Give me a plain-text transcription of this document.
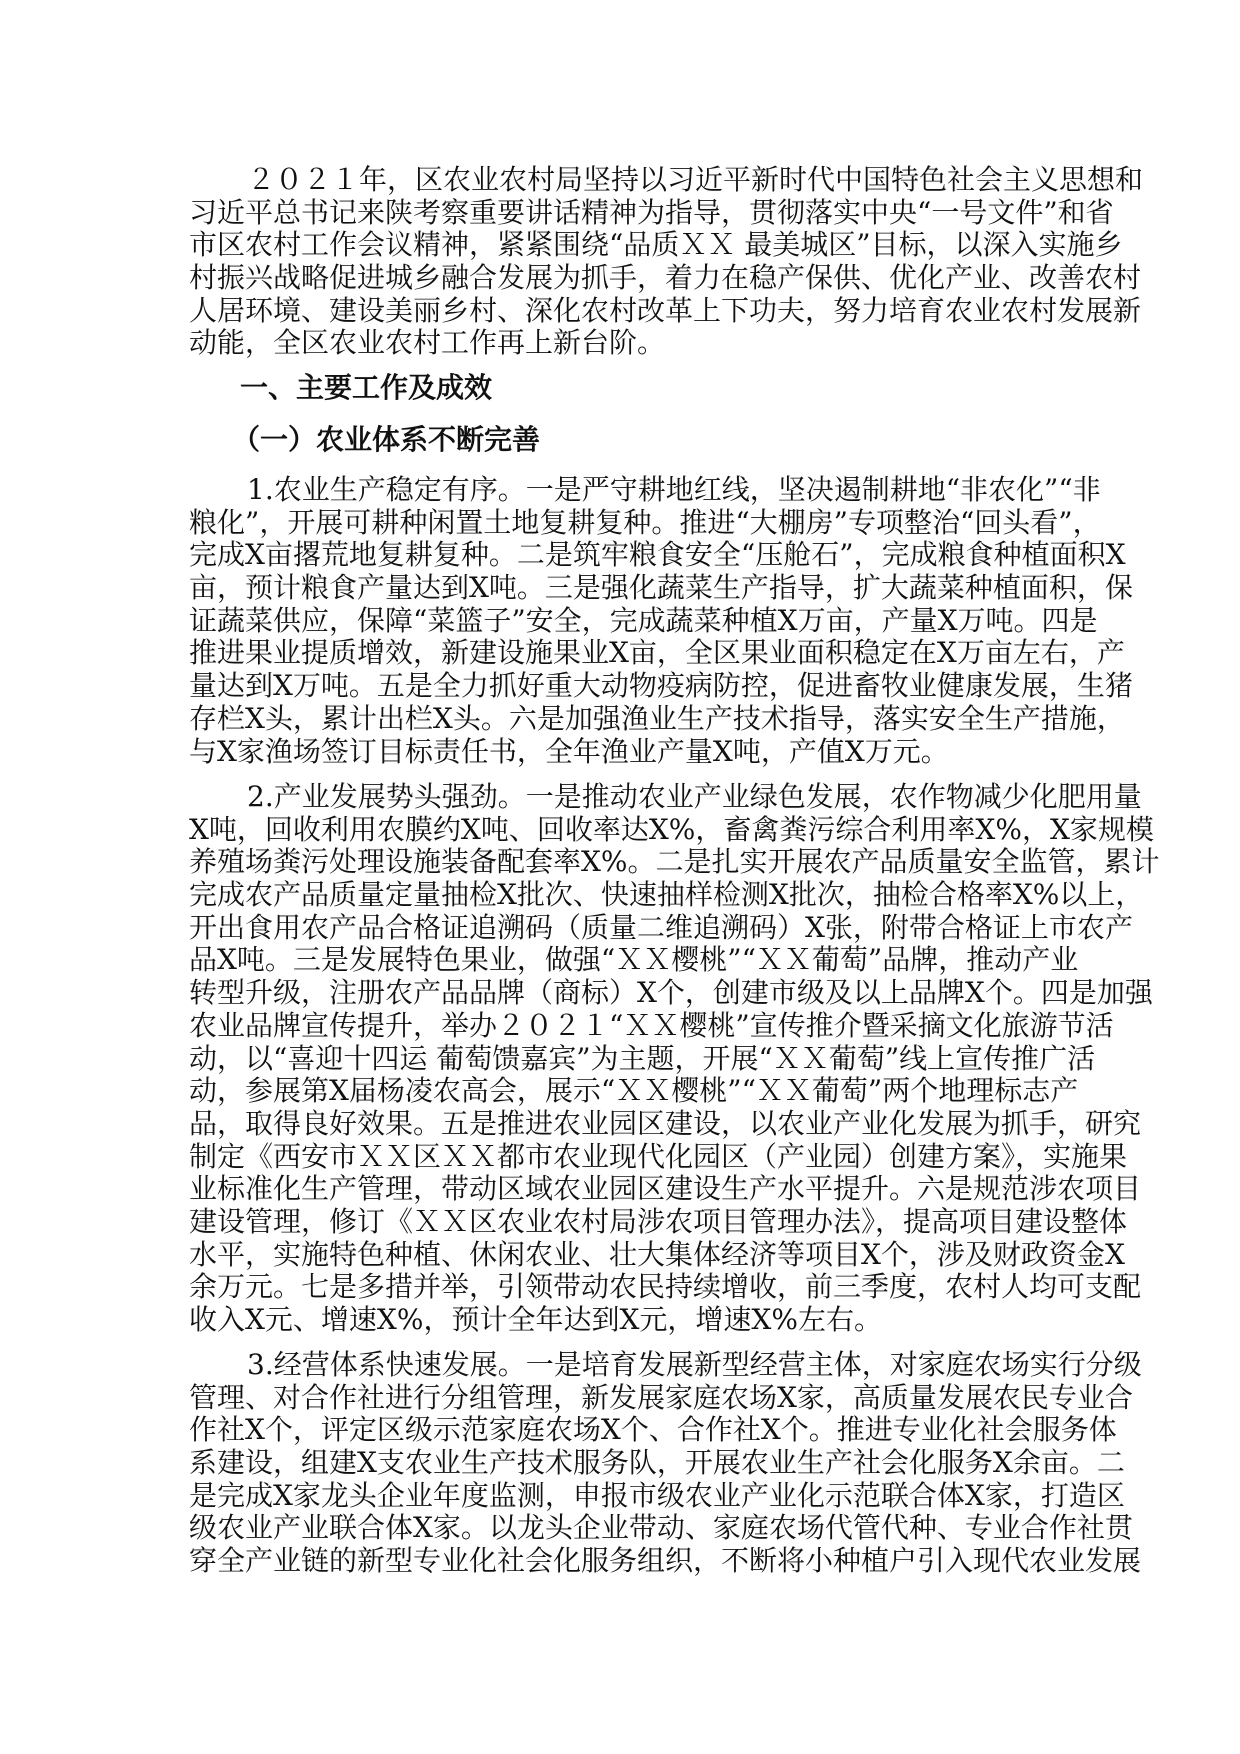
２０２１年，区农业农村局坚持以习近平新时代中国特色社会主义思想和
习近平总书记来陕考察重要讲话精神为指导，贯彻落实中央“一号文件”和省
市区农村工作会议精神，紧紧围绕“品质ＸＸ 最美城区”目标，以深入实施乡
村振兴战略促进城乡融合发展为抓手，着力在稳产保供、优化产业、改善农村
人居环境、建设美丽乡村、深化农村改革上下功夫，努力培育农业农村发展新
动能，全区农业农村工作再上新台阶。
一、主要工作及成效
（一）农业体系不断完善
1.农业生产稳定有序。一是严守耕地红线，坚决遏制耕地“非农化”“非
粮化”，开展可耕种闲置土地复耕复种。推进“大棚房”专项整治“回头看”，
完成X亩撂荒地复耕复种。二是筑牢粮食安全“压舱石”，完成粮食种植面积X
亩，预计粮食产量达到X吨。三是强化蔬菜生产指导，扩大蔬菜种植面积，保
证蔬菜供应，保障“菜篮子”安全，完成蔬菜种植X万亩，产量X万吨。四是
推进果业提质增效，新建设施果业X亩，全区果业面积稳定在X万亩左右，产
量达到X万吨。五是全力抓好重大动物疫病防控，促进畜牧业健康发展，生猪
存栏X头，累计出栏X头。六是加强渔业生产技术指导，落实安全生产措施，
与X家渔场签订目标责任书，全年渔业产量X吨，产值X万元。
2.产业发展势头强劲。一是推动农业产业绿色发展，农作物减少化肥用量
X吨，回收利用农膜约X吨、回收率达X%，畜禽粪污综合利用率X%，X家规模
养殖场粪污处理设施装备配套率X%。二是扎实开展农产品质量安全监管，累计
完成农产品质量定量抽检X批次、快速抽样检测X批次，抽检合格率X%以上，
开出食用农产品合格证追溯码（质量二维追溯码）X张，附带合格证上市农产
品X吨。三是发展特色果业，做强“ＸＸ樱桃”“ＸＸ葡萄”品牌，推动产业
转型升级，注册农产品品牌（商标）X个，创建市级及以上品牌X个。四是加强
农业品牌宣传提升，举办２０２１“ＸＸ樱桃”宣传推介暨采摘文化旅游节活
动，以“喜迎十四运 葡萄馈嘉宾”为主题，开展“ＸＸ葡萄”线上宣传推广活
动，参展第X届杨凌农高会，展示“ＸＸ樱桃”“ＸＸ葡萄”两个地理标志产
品，取得良好效果。五是推进农业园区建设，以农业产业化发展为抓手，研究
制定《西安市ＸＸ区ＸＸ都市农业现代化园区（产业园）创建方案》，实施果
业标准化生产管理，带动区域农业园区建设生产水平提升。六是规范涉农项目
建设管理，修订《ＸＸ区农业农村局涉农项目管理办法》，提高项目建设整体
水平，实施特色种植、休闲农业、壮大集体经济等项目X个，涉及财政资金X
余万元。七是多措并举，引领带动农民持续增收，前三季度，农村人均可支配
收入X元、增速X%，预计全年达到X元，增速X%左右。
3.经营体系快速发展。一是培育发展新型经营主体，对家庭农场实行分级
管理、对合作社进行分组管理，新发展家庭农场X家，高质量发展农民专业合
作社X个，评定区级示范家庭农场X个、合作社X个。推进专业化社会服务体
系建设，组建X支农业生产技术服务队，开展农业生产社会化服务X余亩。二
是完成X家龙头企业年度监测，申报市级农业产业化示范联合体X家，打造区
级农业产业联合体X家。以龙头企业带动、家庭农场代管代种、专业合作社贯
穿全产业链的新型专业化社会化服务组织，不断将小种植户引入现代农业发展
